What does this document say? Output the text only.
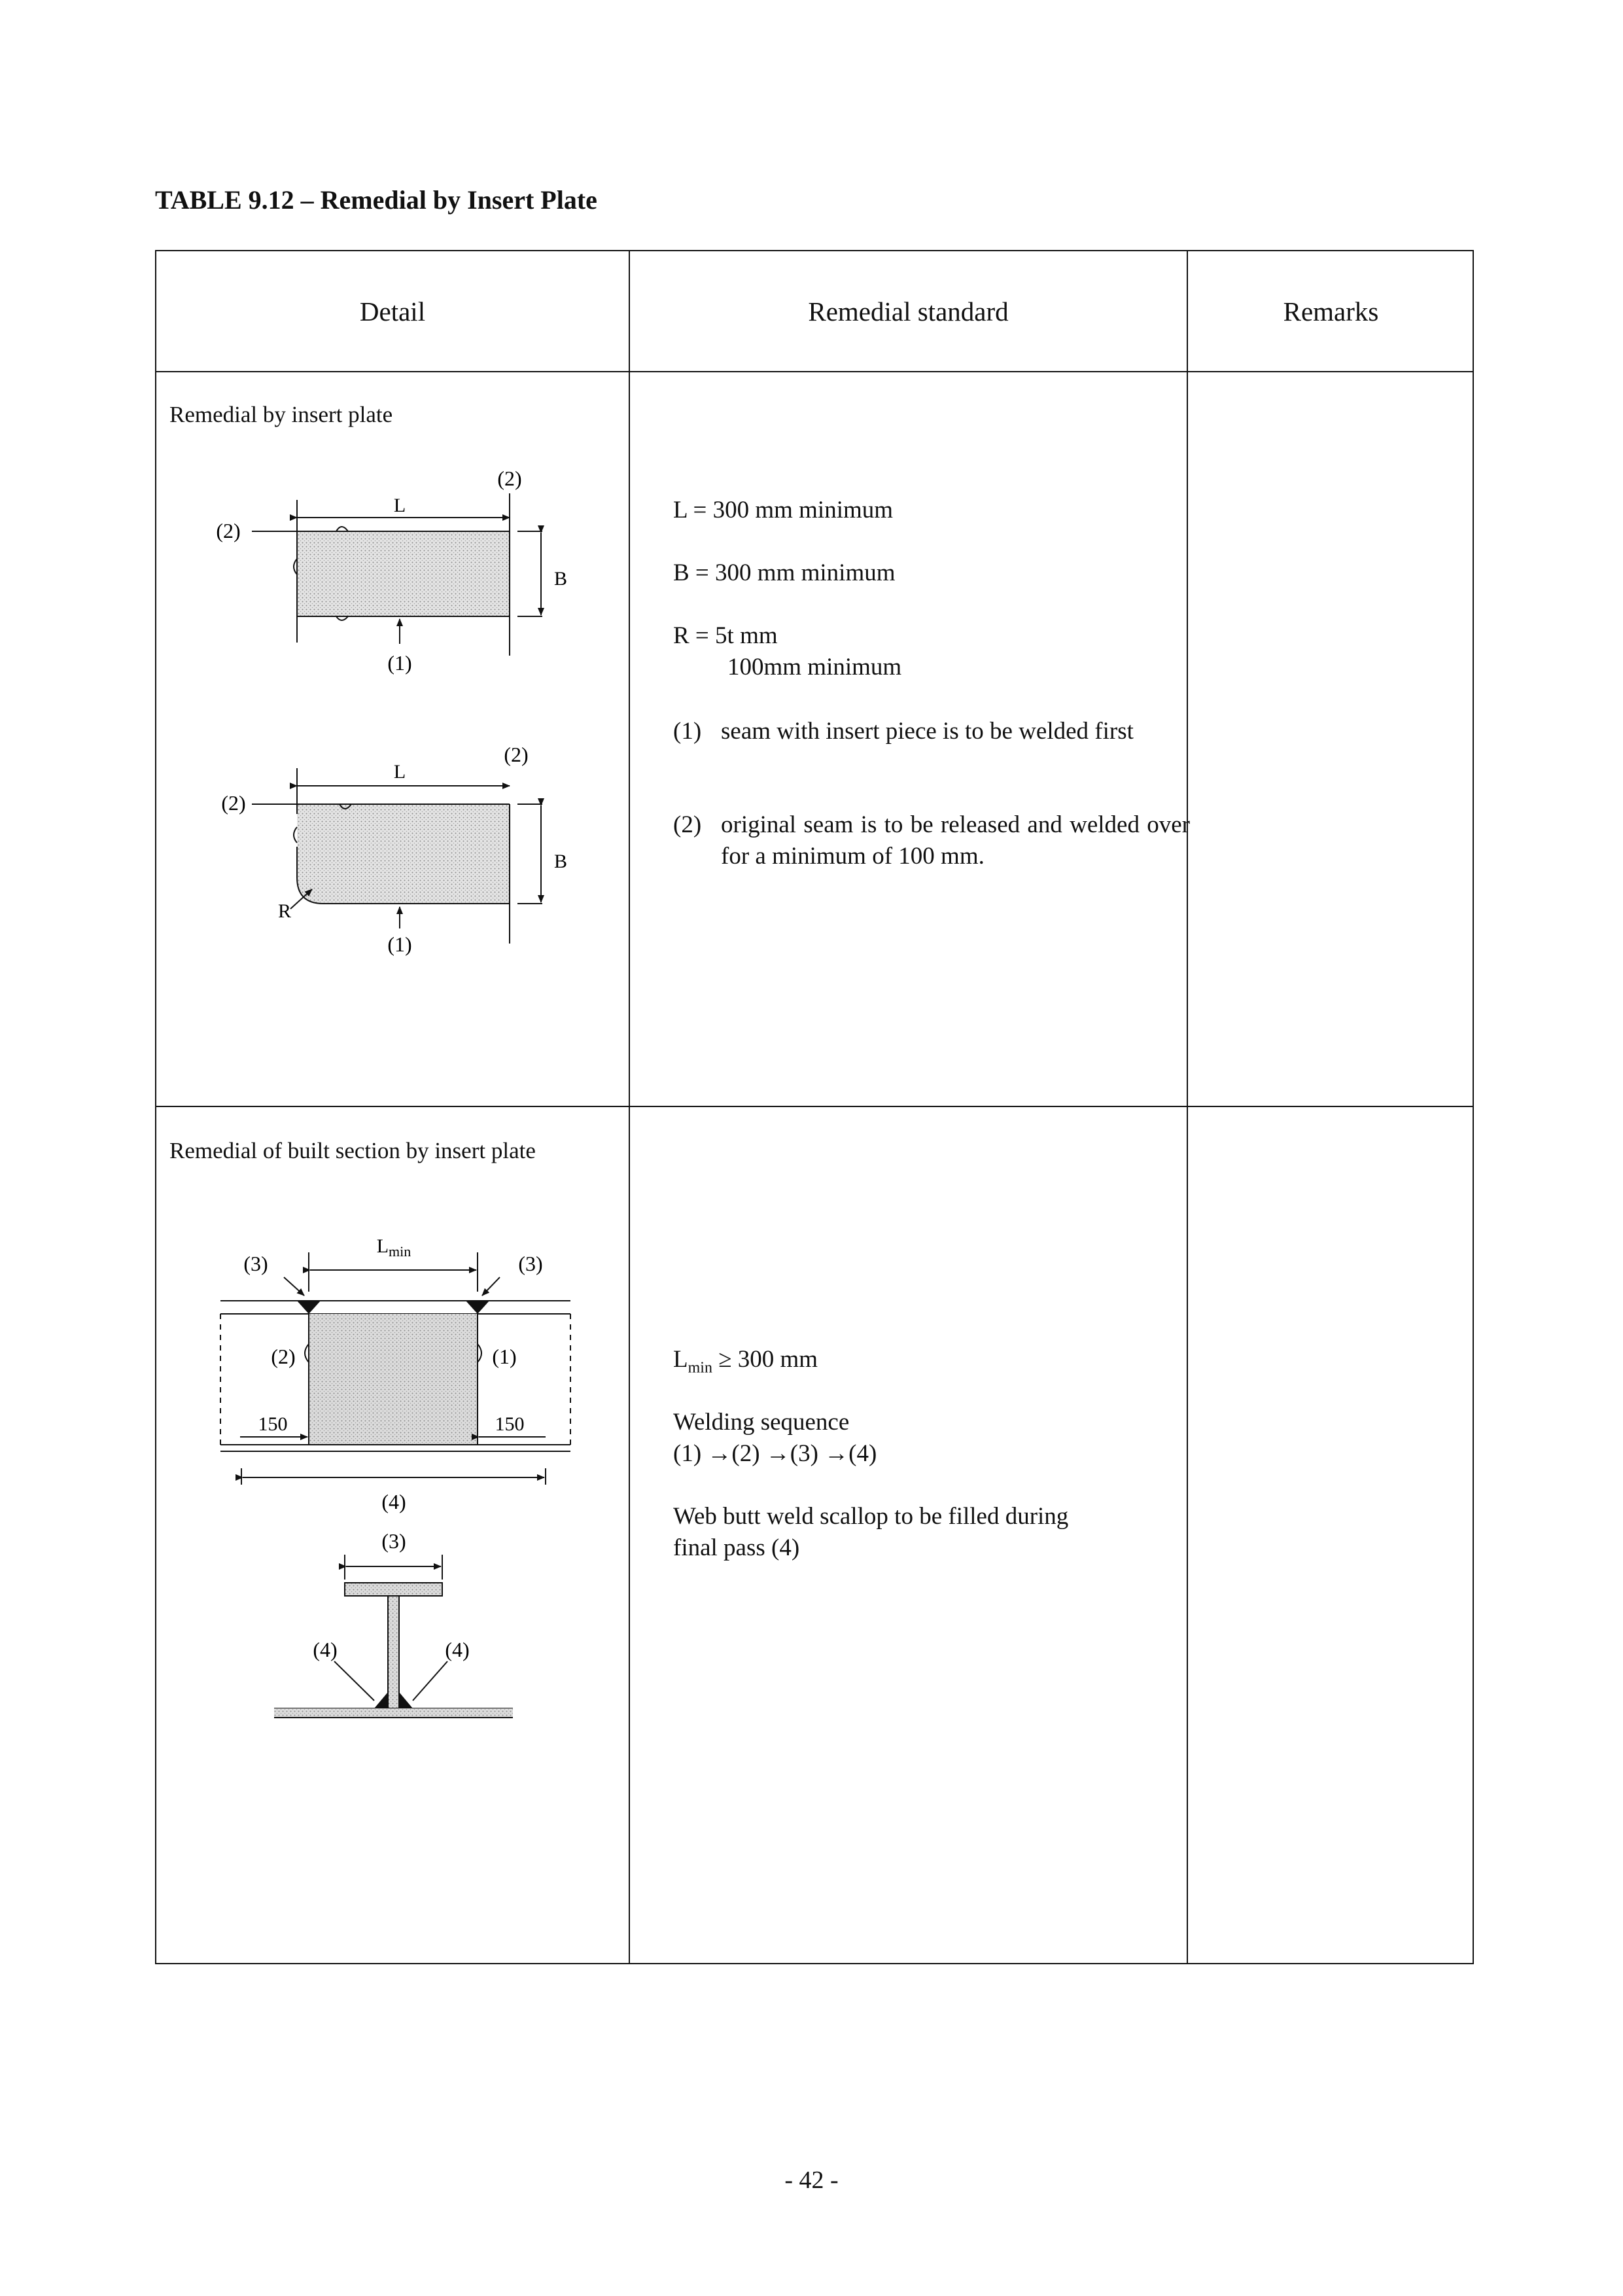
TABLE 9.12 – Remedial by Insert Plate
Detail	Remedial standard	Remarks
Remedial by insert plate
L
B
(2)
(2)
(1)
L
B
(2)
(2)
R
(1)
L = 300 mm minimum
B = 300 mm minimum
R = 5t mm
100mm minimum
(1) seam with insert piece is to be welded first
(2) original seam is to be released and welded over for a minimum of 100 mm.
Remedial of built section by insert plate
$L_{min}$
(3)	(3)
(2)	(1)
150	150
(4)
(3)
(4)	(4)
$L_{min} \ge 300$ mm
Welding sequence
(1) →(2) →(3) →(4)
Web butt weld scallop to be filled during
final pass (4)
- 42 -
